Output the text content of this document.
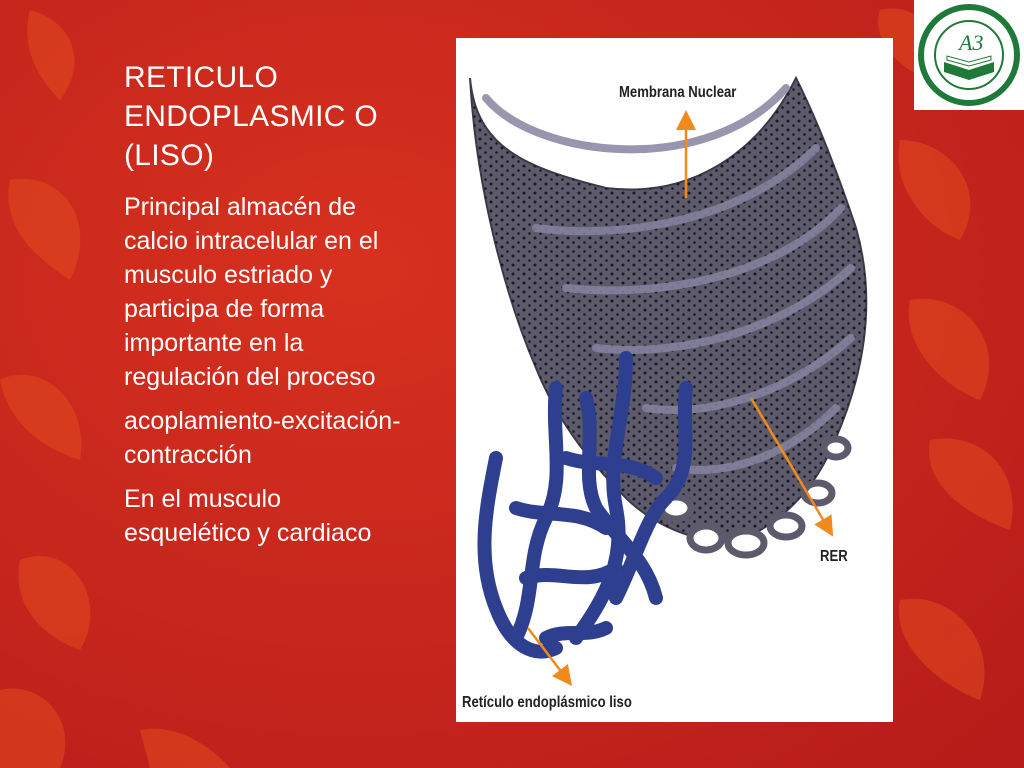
RETICULO ENDOPLASMIC O (LISO)

Principal almacén de calcio intracelular en el musculo estriado y participa de forma importante en la regulación del proceso

acoplamiento-excitación-contracción

En el musculo esquelético y cardiaco

Membrana Nuclear
RER
Retículo endoplásmico liso
A3
